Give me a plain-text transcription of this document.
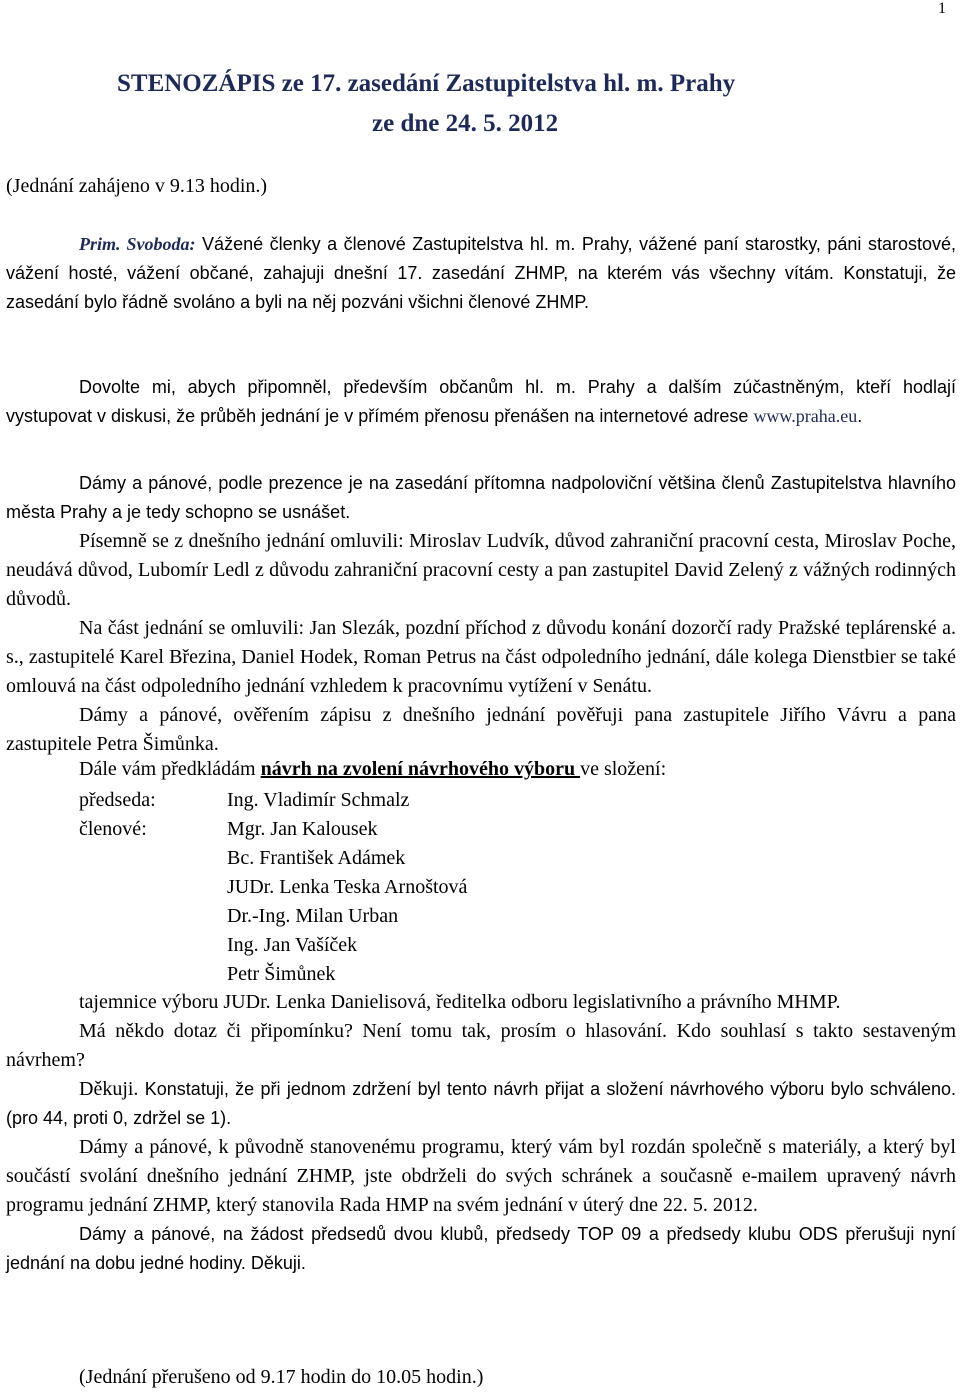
1
STENOZÁPIS ze 17. zasedání Zastupitelstva hl. m. Prahy
ze dne 24. 5. 2012
(Jednání zahájeno v 9.13 hodin.)

Prim. Svoboda: Vážené členky a členové Zastupitelstva hl. m. Prahy, vážené paní starostky, páni starostové, vážení hosté, vážení občané, zahajuji dnešní 17. zasedání ZHMP, na kterém vás všechny vítám. Konstatuji, že zasedání bylo řádně svoláno a byli na něj pozváni všichni členové ZHMP.

Dovolte mi, abych připomněl, především občanům hl. m. Prahy a dalším zúčastněným, kteří hodlají vystupovat v diskusi, že průběh jednání je v přímém přenosu přenášen na internetové adrese www.praha.eu.

Dámy a pánové, podle prezence je na zasedání přítomna nadpoloviční většina členů Zastupitelstva hlavního města Prahy a je tedy schopno se usnášet.

Písemně se z dnešního jednání omluvili: Miroslav Ludvík, důvod zahraniční pracovní cesta, Miroslav Poche, neudává důvod, Lubomír Ledl z důvodu zahraniční pracovní cesty a pan zastupitel David Zelený z vážných rodinných důvodů.

Na část jednání se omluvili: Jan Slezák, pozdní příchod z důvodu konání dozorčí rady Pražské teplárenské a. s., zastupitelé Karel Březina, Daniel Hodek, Roman Petrus na část odpoledního jednání, dále kolega Dienstbier se také omlouvá na část odpoledního jednání vzhledem k pracovnímu vytížení v Senátu.

Dámy a pánové, ověřením zápisu z dnešního jednání pověřuji pana zastupitele Jiřího Vávru a pana zastupitele Petra Šimůnka.

Dále vám předkládám návrh na zvolení návrhového výboru ve složení:

předseda:	Ing. Vladimír Schmalz
členové:	Mgr. Jan Kalousek
Bc. František Adámek
JUDr. Lenka Teska Arnoštová
Dr.-Ing. Milan Urban
Ing. Jan Vašíček
Petr Šimůnek

tajemnice výboru JUDr. Lenka Danielisová, ředitelka odboru legislativního a právního MHMP.

Má někdo dotaz či připomínku? Není tomu tak, prosím o hlasování. Kdo souhlasí s takto sestaveným návrhem?

Děkuji. Konstatuji, že při jednom zdržení byl tento návrh přijat a složení návrhového výboru bylo schváleno. (pro 44, proti 0, zdržel se 1).

Dámy a pánové, k původně stanovenému programu, který vám byl rozdán společně s materiály, a který byl součástí svolání dnešního jednání ZHMP, jste obdrželi do svých schránek a současně e-mailem upravený návrh programu jednání ZHMP, který stanovila Rada HMP na svém jednání v úterý dne 22. 5. 2012.

Dámy a pánové, na žádost předsedů dvou klubů, předsedy TOP 09 a předsedy klubu ODS přerušuji nyní jednání na dobu jedné hodiny. Děkuji.

(Jednání přerušeno od 9.17 hodin do 10.05 hodin.)
